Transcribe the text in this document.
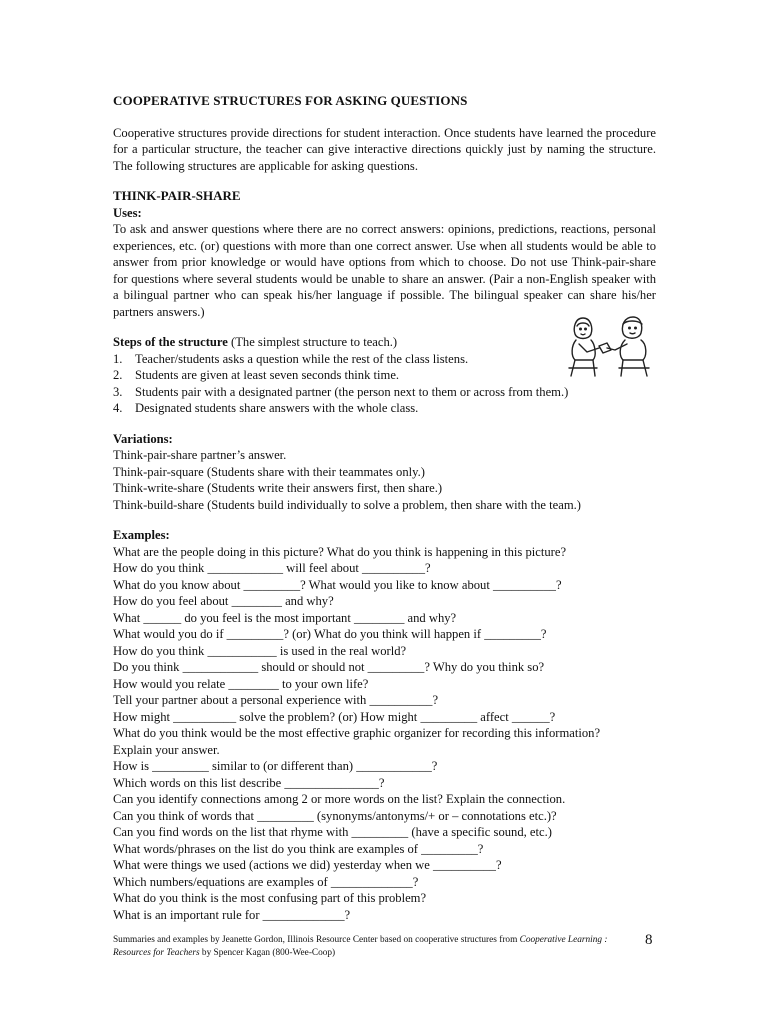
COOPERATIVE STRUCTURES FOR ASKING QUESTIONS
Cooperative structures provide directions for student interaction. Once students have learned the procedure for a particular structure, the teacher can give interactive directions quickly just by naming the structure. The following structures are applicable for asking questions.
THINK-PAIR-SHARE
Uses:
To ask and answer questions where there are no correct answers: opinions, predictions, reactions, personal experiences, etc. (or) questions with more than one correct answer. Use when all students would be able to answer from prior knowledge or would have options from which to choose. Do not use Think-pair-share for questions where several students would be unable to share an answer. (Pair a non-English speaker with a bilingual partner who can speak his/her language if possible. The bilingual speaker can share his/her partners answers.)
Steps of the structure (The simplest structure to teach.)
1. Teacher/students asks a question while the rest of the class listens.
2. Students are given at least seven seconds think time.
3. Students pair with a designated partner (the person next to them or across from them.)
4. Designated students share answers with the whole class.
Variations:
Think-pair-share partner’s answer.
Think-pair-square (Students share with their teammates only.)
Think-write-share (Students write their answers first, then share.)
Think-build-share (Students build individually to solve a problem, then share with the team.)
Examples:
What are the people doing in this picture? What do you think is happening in this picture?
How do you think ____________ will feel about __________?
What do you know about _________? What would you like to know about __________?
How do you feel about ________ and why?
What ______ do you feel is the most important ________ and why?
What would you do if _________? (or) What do you think will happen if _________?
How do you think ___________ is used in the real world?
Do you think ____________ should or should not _________? Why do you think so?
How would you relate ________ to your own life?
Tell your partner about a personal experience with __________?
How might __________ solve the problem? (or) How might _________ affect ______?
What do you think would be the most effective graphic organizer for recording this information?
Explain your answer.
How is _________ similar to (or different than) ____________?
Which words on this list describe _______________?
Can you identify connections among 2 or more words on the list? Explain the connection.
Can you think of words that _________ (synonyms/antonyms/+ or – connotations etc.)?
Can you find words on the list that rhyme with _________ (have a specific sound, etc.)
What words/phrases on the list do you think are examples of _________?
What were things we used (actions we did) yesterday when we __________?
Which numbers/equations are examples of _____________?
What do you think is the most confusing part of this problem?
What is an important rule for _____________?
Summaries and examples by Jeanette Gordon, Illinois Resource Center based on cooperative structures from Cooperative Learning : Resources for Teachers by Spencer Kagan (800-Wee-Coop)
8
